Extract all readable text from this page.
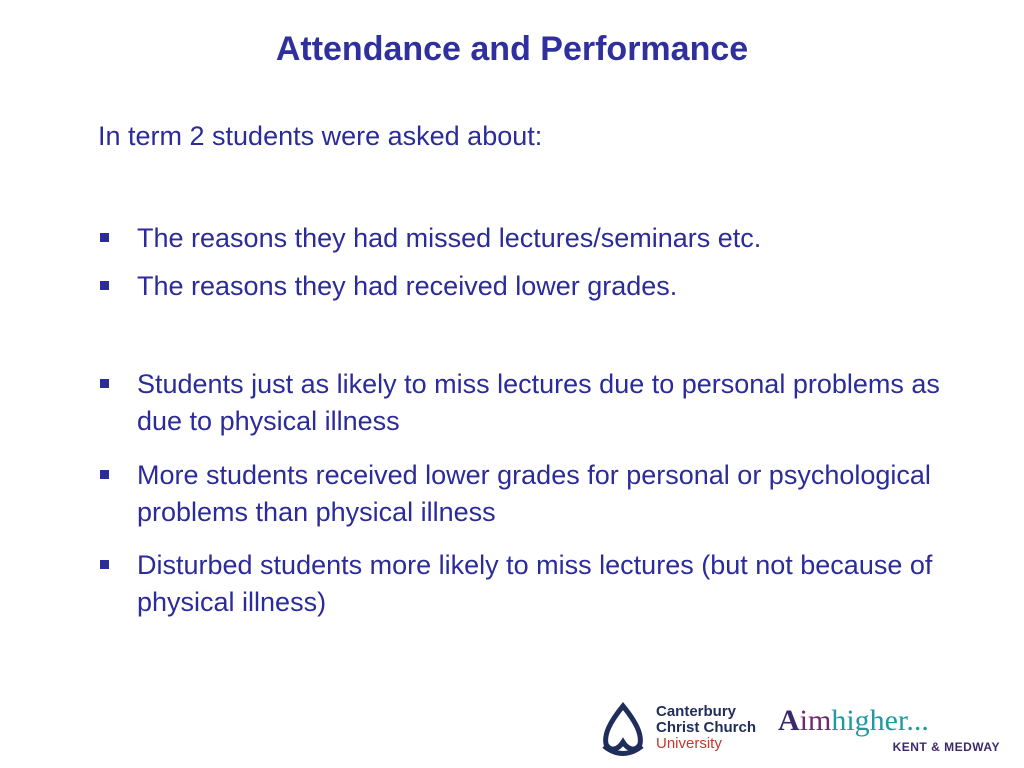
Attendance and Performance

In term 2 students were asked about:

The reasons they had missed lectures/seminars etc.
The reasons they had received lower grades.
Students just as likely to miss lectures due to personal problems as due to physical illness
More students received lower grades for personal or psychological problems than physical illness
Disturbed students more likely to miss lectures (but not because of physical illness)
Canterbury
Christ Church
University
Aimhigher...
KENT & MEDWAY
